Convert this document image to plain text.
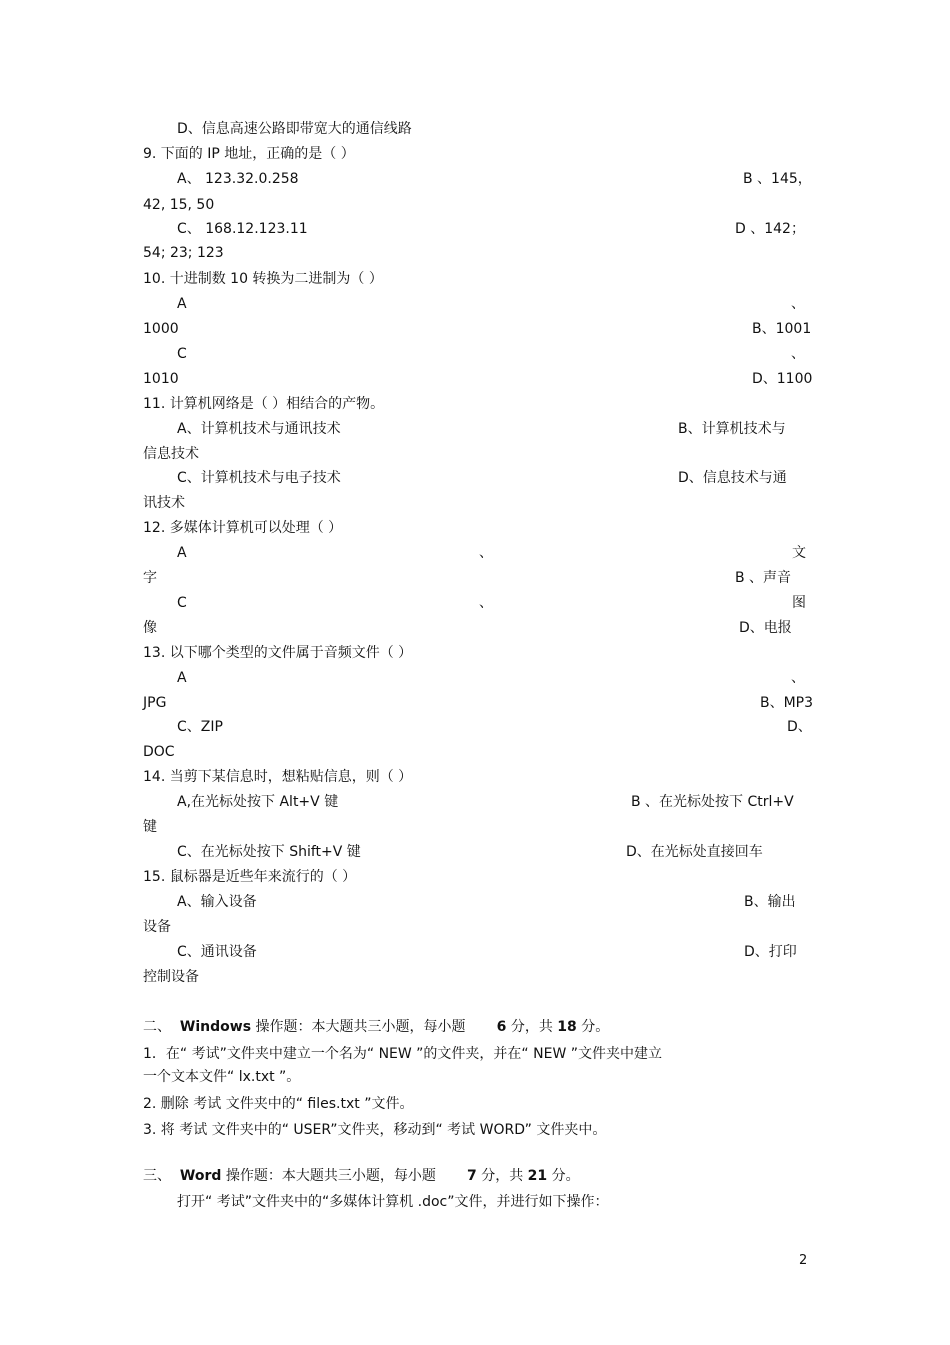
D、信息高速公路即带宽大的通信线路
9. 下面的 IP 地址，正确的是（ ）
A、 123.32.0.258	B 、145，
42, 15, 50
C、 168.12.123.11	D 、142；
54; 23; 123
10. 十进制数 10 转换为二进制为（ ）
A	、
1000	B、1001
C	、
1010	D、1100
11. 计算机网络是（ ）相结合的产物。
A、计算机技术与通讯技术	B、计算机技术与
信息技术
C、计算机技术与电子技术	D、信息技术与通
讯技术
12. 多媒体计算机可以处理（ ）
A	、	文
字	B 、声音
C	、	图
像	D、电报
13. 以下哪个类型的文件属于音频文件（ ）
A	、
JPG	B、MP3
C、ZIP	D、
DOC
14. 当剪下某信息时，想粘贴信息，则（ ）
A,在光标处按下 Alt+V 键	B 、在光标处按下 Ctrl+V
键
C、在光标处按下 Shift+V 键	D、在光标处直接回车
15. 鼠标器是近些年来流行的（ ）
A、输入设备	B、输出
设备
C、通讯设备	D、打印
控制设备
二、 Windows 操作题：本大题共三小题，每小题 6 分，共 18 分。
1．在“ 考试”文件夹中建立一个名为“ NEW ”的文件夹，并在“ NEW ”文件夹中建立
一个文本文件“ lx.txt ”。
2. 删除 考试 文件夹中的“ files.txt ”文件。
3. 将 考试 文件夹中的“ USER”文件夹，移动到“ 考试 WORD” 文件夹中。
三、 Word 操作题：本大题共三小题，每小题 7 分，共 21 分。
打开“ 考试”文件夹中的“多媒体计算机 .doc”文件，并进行如下操作：
2
